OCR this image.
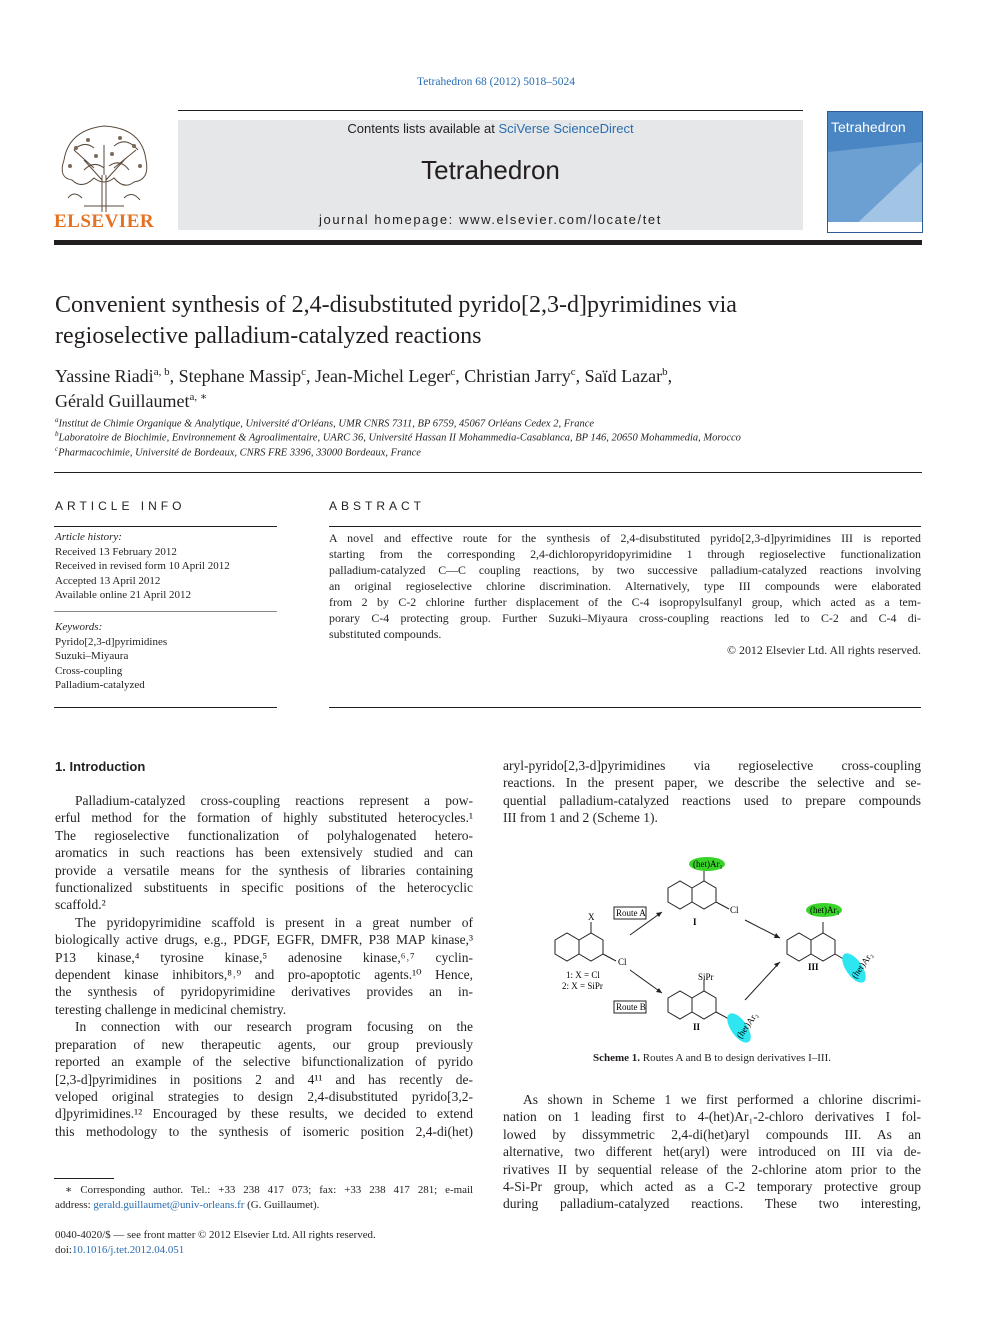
Tetrahedron 68 (2012) 5018–5024
ELSEVIER
Contents lists available at SciVerse ScienceDirect
Tetrahedron
journal homepage: www.elsevier.com/locate/tet
Tetrahedron
Convenient synthesis of 2,4-disubstituted pyrido[2,3-d]pyrimidines via
regioselective palladium-catalyzed reactions
Yassine Riadi$^{a, b}$, Stephane Massip$^c$, Jean-Michel Leger$^c$, Christian Jarry$^c$, Saïd Lazar$^b$,
Gérald Guillaumet$^{a, ∗}$
$^a$Institut de Chimie Organique & Analytique, Université d'Orléans, UMR CNRS 7311, BP 6759, 45067 Orléans Cedex 2, France
$^b$Laboratoire de Biochimie, Environnement & Agroalimentaire, UARC 36, Université Hassan II Mohammedia-Casablanca, BP 146, 20650 Mohammedia, Morocco
$^c$Pharmacochimie, Université de Bordeaux, CNRS FRE 3396, 33000 Bordeaux, France
ARTICLE INFO
Article history:
Received 13 February 2012
Received in revised form 10 April 2012
Accepted 13 April 2012
Available online 21 April 2012
Keywords:
Pyrido[2,3-d]pyrimidines
Suzuki–Miyaura
Cross-coupling
Palladium-catalyzed
ABSTRACT
A novel and effective route for the synthesis of 2,4-disubstituted pyrido[2,3-d]pyrimidines III is reported
starting from the corresponding 2,4-dichloropyridopyrimidine 1 through regioselective functionalization
palladium-catalyzed C—C coupling reactions, by two successive palladium-catalyzed reactions involving
an original regioselective chlorine discrimination. Alternatively, type III compounds were elaborated
from 2 by C-2 chlorine further displacement of the C-4 isopropylsulfanyl group, which acted as a tem-
porary C-4 protecting group. Further Suzuki–Miyaura cross-coupling reactions led to C-2 and C-4 di-
substituted compounds.
© 2012 Elsevier Ltd. All rights reserved.
1. Introduction
Palladium-catalyzed cross-coupling reactions represent a pow-
erful method for the formation of highly substituted heterocycles.¹
The regioselective functionalization of polyhalogenated hetero-
aromatics in such reactions has been extensively studied and can
provide a versatile means for the synthesis of libraries containing
functionalized substituents in specific positions of the heterocyclic
scaffold.²
The pyridopyrimidine scaffold is present in a great number of
biologically active drugs, e.g., PDGF, EGFR, DMFR, P38 MAP kinase,³
P13 kinase,⁴ tyrosine kinase,⁵ adenosine kinase,⁶˒⁷ cyclin-
dependent kinase inhibitors,⁸˒⁹ and pro-apoptotic agents.¹⁰ Hence,
the synthesis of pyridopyrimidine derivatives provides an in-
teresting challenge in medicinal chemistry.
In connection with our research program focusing on the
preparation of new therapeutic agents, our group previously
reported an example of the selective bifunctionalization of pyrido
[2,3-d]pyrimidines in positions 2 and 4¹¹ and has recently de-
veloped original strategies to design 2,4-disubstituted pyrido[3,2-
d]pyrimidines.¹² Encouraged by these results, we decided to extend
this methodology to the synthesis of isomeric position 2,4-di(het)
aryl-pyrido[2,3-d]pyrimidines via regioselective cross-coupling
reactions. In the present paper, we describe the selective and se-
quential palladium-catalyzed reactions used to prepare compounds
III from 1 and 2 (Scheme 1).
Route A
Route B
(het)Ar₁
(het)Ar₁
(het)Ar₂
(het)Ar₂
X
Cl
Cl
SiPr
I
II
III
1: X = Cl
2: X = SiPr
Scheme 1. Routes A and B to design derivatives I–III.
As shown in Scheme 1 we first performed a chlorine discrimi-
nation on 1 leading first to 4-(het)Ar₁-2-chloro derivatives I fol-
lowed by dissymmetric 2,4-di(het)aryl compounds III. As an
alternative, two different het(aryl) were introduced on III via de-
rivatives II by sequential release of the 2-chlorine atom prior to the
4-Si-Pr group, which acted as a C-2 temporary protective group
during palladium-catalyzed reactions. These two interesting,
∗ Corresponding author. Tel.: +33 238 417 073; fax: +33 238 417 281; e-mail
address: gerald.guillaumet@univ-orleans.fr (G. Guillaumet).
0040-4020/$ — see front matter © 2012 Elsevier Ltd. All rights reserved.
doi:10.1016/j.tet.2012.04.051
